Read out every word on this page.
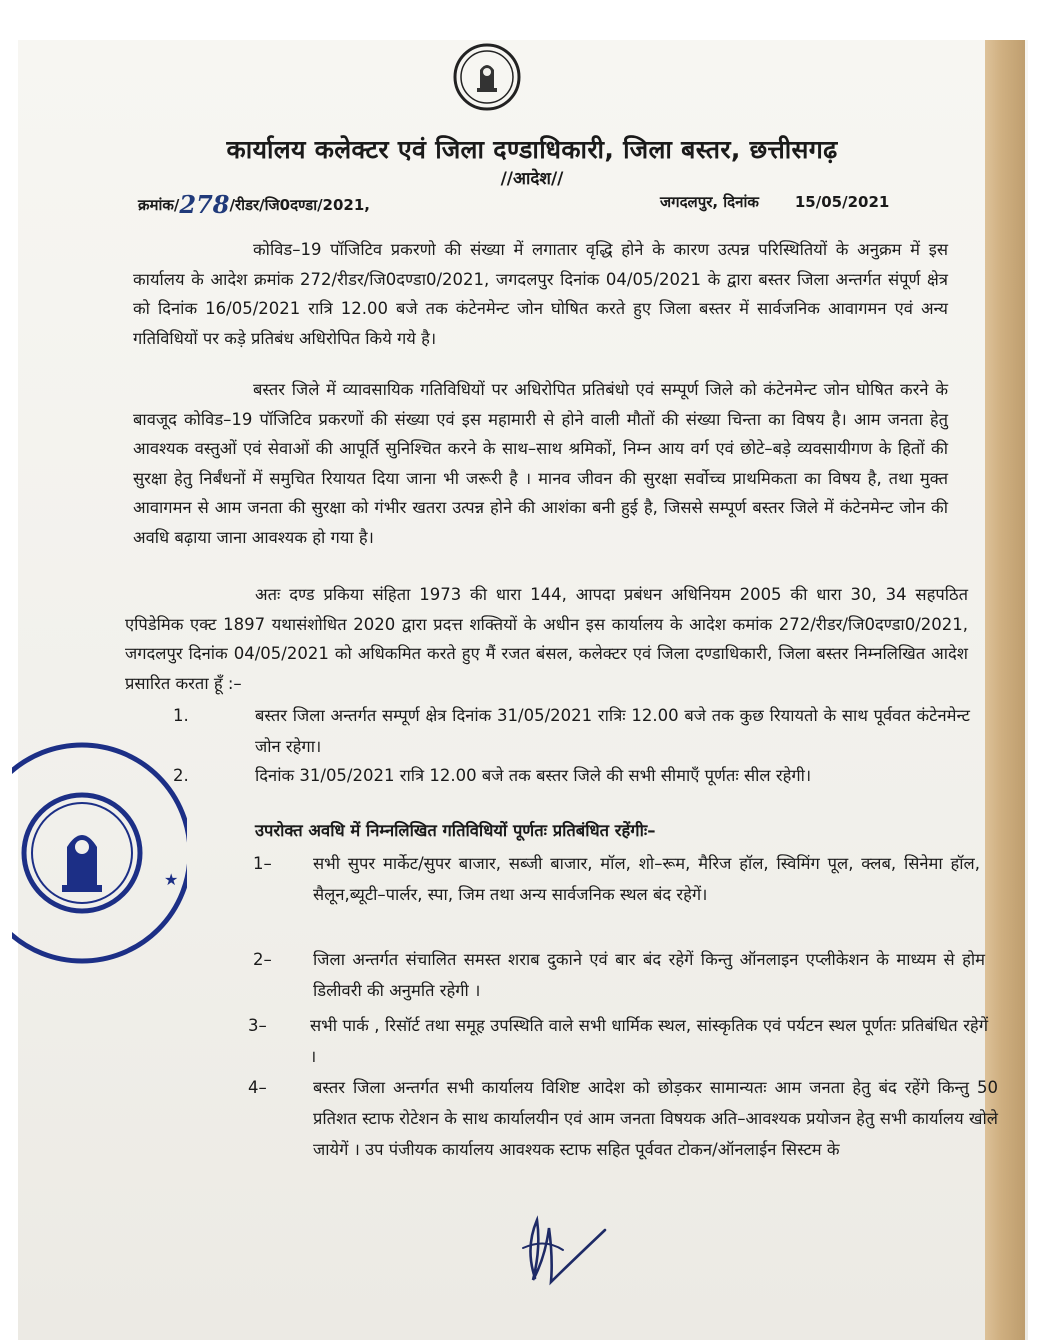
कार्यालय कलेक्टर एवं जिला दण्डाधिकारी, जिला बस्तर, छत्तीसगढ़
//आदेश//
क्रमांक/278/रीडर/जि0दण्डा/2021,	जगदलपुर, दिनांक 15/05/2021
कोविड–19 पॉजिटिव प्रकरणो की संख्या में लगातार वृद्धि होने के कारण उत्पन्न परिस्थितियों के अनुक्रम में इस कार्यालय के आदेश क्रमांक 272/रीडर/जि0दण्डा0/2021, जगदलपुर दिनांक 04/05/2021 के द्वारा बस्तर जिला अन्तर्गत संपूर्ण क्षेत्र को दिनांक 16/05/2021 रात्रि 12.00 बजे तक कंटेनमेन्ट जोन घोषित करते हुए जिला बस्तर में सार्वजनिक आवागमन एवं अन्य गतिविधियों पर कड़े प्रतिबंध अधिरोपित किये गये है।
बस्तर जिले में व्यावसायिक गतिविधियों पर अधिरोपित प्रतिबंधो एवं सम्पूर्ण जिले को कंटेनमेन्ट जोन घोषित करने के बावजूद कोविड–19 पॉजिटिव प्रकरणों की संख्या एवं इस महामारी से होने वाली मौतों की संख्या चिन्ता का विषय है। आम जनता हेतु आवश्यक वस्तुओं एवं सेवाओं की आपूर्ति सुनिश्चित करने के साथ–साथ श्रमिकों, निम्न आय वर्ग एवं छोटे–बड़े व्यवसायीगण के हितों की सुरक्षा हेतु निर्बंधनों में समुचित रियायत दिया जाना भी जरूरी है । मानव जीवन की सुरक्षा सर्वोच्च प्राथमिकता का विषय है, तथा मुक्त आवागमन से आम जनता की सुरक्षा को गंभीर खतरा उत्पन्न होने की आशंका बनी हुई है, जिससे सम्पूर्ण बस्तर जिले में कंटेनमेन्ट जोन की अवधि बढ़ाया जाना आवश्यक हो गया है।
अतः दण्ड प्रकिया संहिता 1973 की धारा 144, आपदा प्रबंधन अधिनियम 2005 की धारा 30, 34 सहपठित एपिडेमिक एक्ट 1897 यथासंशोधित 2020 द्वारा प्रदत्त शक्तियों के अधीन इस कार्यालय के आदेश कमांक 272/रीडर/जि0दण्डा0/2021, जगदलपुर दिनांक 04/05/2021 को अधिकमित करते हुए मैं रजत बंसल, कलेक्टर एवं जिला दण्डाधिकारी, जिला बस्तर निम्नलिखित आदेश प्रसारित करता हूँ :–
1.	बस्तर जिला अन्तर्गत सम्पूर्ण क्षेत्र दिनांक 31/05/2021 रात्रिः 12.00 बजे तक कुछ रियायतो के साथ पूर्ववत कंटेनमेन्ट जोन रहेगा।
2.	दिनांक 31/05/2021 रात्रि 12.00 बजे तक बस्तर जिले की सभी सीमाएँ पूर्णतः सील रहेगी।
उपरोक्त अवधि में निम्नलिखित गतिविधियों पूर्णतः प्रतिबंधित रहेंगीः–
1–	सभी सुपर मार्केट/सुपर बाजार, सब्जी बाजार, मॉल, शो–रूम, मैरिज हॉल, स्विमिंग पूल, क्लब, सिनेमा हॉल, सैलून,ब्यूटी–पार्लर, स्पा, जिम तथा अन्य सार्वजनिक स्थल बंद रहेगें।
2–	जिला अन्तर्गत संचालित समस्त शराब दुकाने एवं बार बंद रहेगें किन्तु ऑनलाइन एप्लीकेशन के माध्यम से होम डिलीवरी की अनुमति रहेगी ।
3–	सभी पार्क , रिसॉर्ट तथा समूह उपस्थिति वाले सभी धार्मिक स्थल, सांस्कृतिक एवं पर्यटन स्थल पूर्णतः प्रतिबंधित रहेगें ।
4–	बस्तर जिला अन्तर्गत सभी कार्यालय विशिष्ट आदेश को छोड़कर सामान्यतः आम जनता हेतु बंद रहेंगे किन्तु 50 प्रतिशत स्टाफ रोटेशन के साथ कार्यालयीन एवं आम जनता विषयक अति–आवश्यक प्रयोजन हेतु सभी कार्यालय खोले जायेगें । उप पंजीयक कार्यालय आवश्यक स्टाफ सहित पूर्ववत टोकन/ऑनलाईन सिस्टम के
★
